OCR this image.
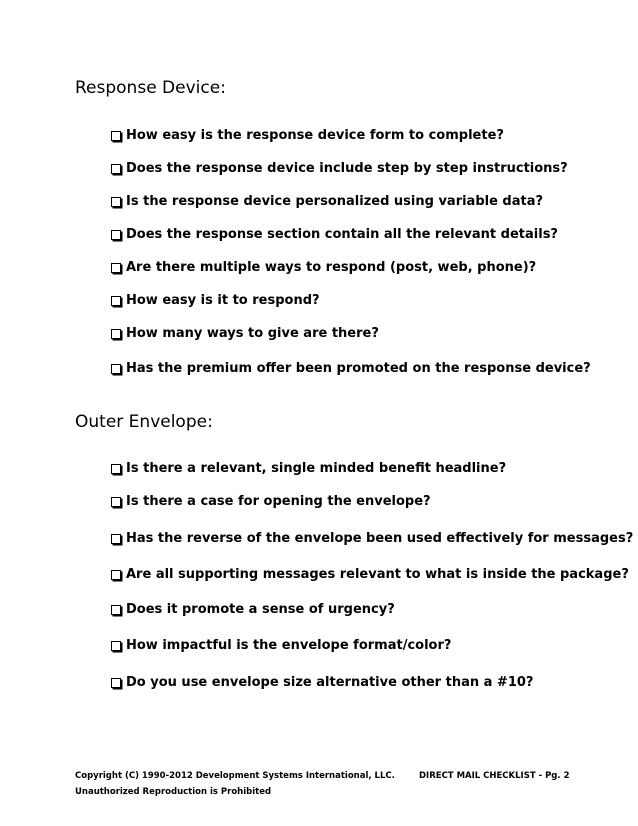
Response Device:
How easy is the response device form to complete?
Does the response device include step by step instructions?
Is the response device personalized using variable data?
Does the response section contain all the relevant details?
Are there multiple ways to respond (post, web, phone)?
How easy is it to respond?
How many ways to give are there?
Has the premium offer been promoted on the response device?
Outer Envelope:
Is there a relevant, single minded benefit headline?
Is there a case for opening the envelope?
Has the reverse of the envelope been used effectively for messages?
Are all supporting messages relevant to what is inside the package?
Does it promote a sense of urgency?
How impactful is the envelope format/color?
Do you use envelope size alternative other than a #10?
Copyright (C) 1990-2012 Development Systems International, LLC.
Unauthorized Reproduction is Prohibited
DIRECT MAIL CHECKLIST - Pg. 2
